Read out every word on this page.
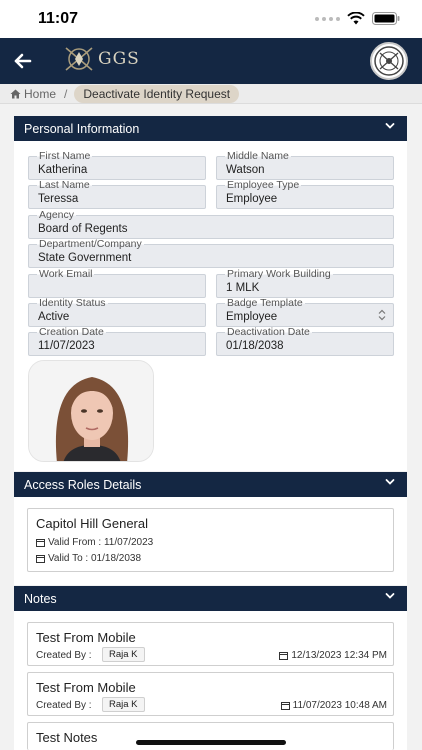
11:07
GGS
Home /	Deactivate Identity Request
Personal Information
First Name
Katherina
Middle Name
Watson
Last Name
Teressa
Employee Type
Employee
Agency
Board of Regents
Department/Company
State Government
Work Email	Primary Work Building
1 MLK
Identity Status
Active
Badge Template
Employee
Creation Date
11/07/2023
Deactivation Date
01/18/2038
Access Roles Details
Capitol Hill General
Valid From : 11/07/2023
Valid To : 01/18/2038
Notes
Test From Mobile
Created By :	Raja K	12/13/2023 12:34 PM
Test From Mobile
Created By :	Raja K	11/07/2023 10:48 AM
Test Notes
